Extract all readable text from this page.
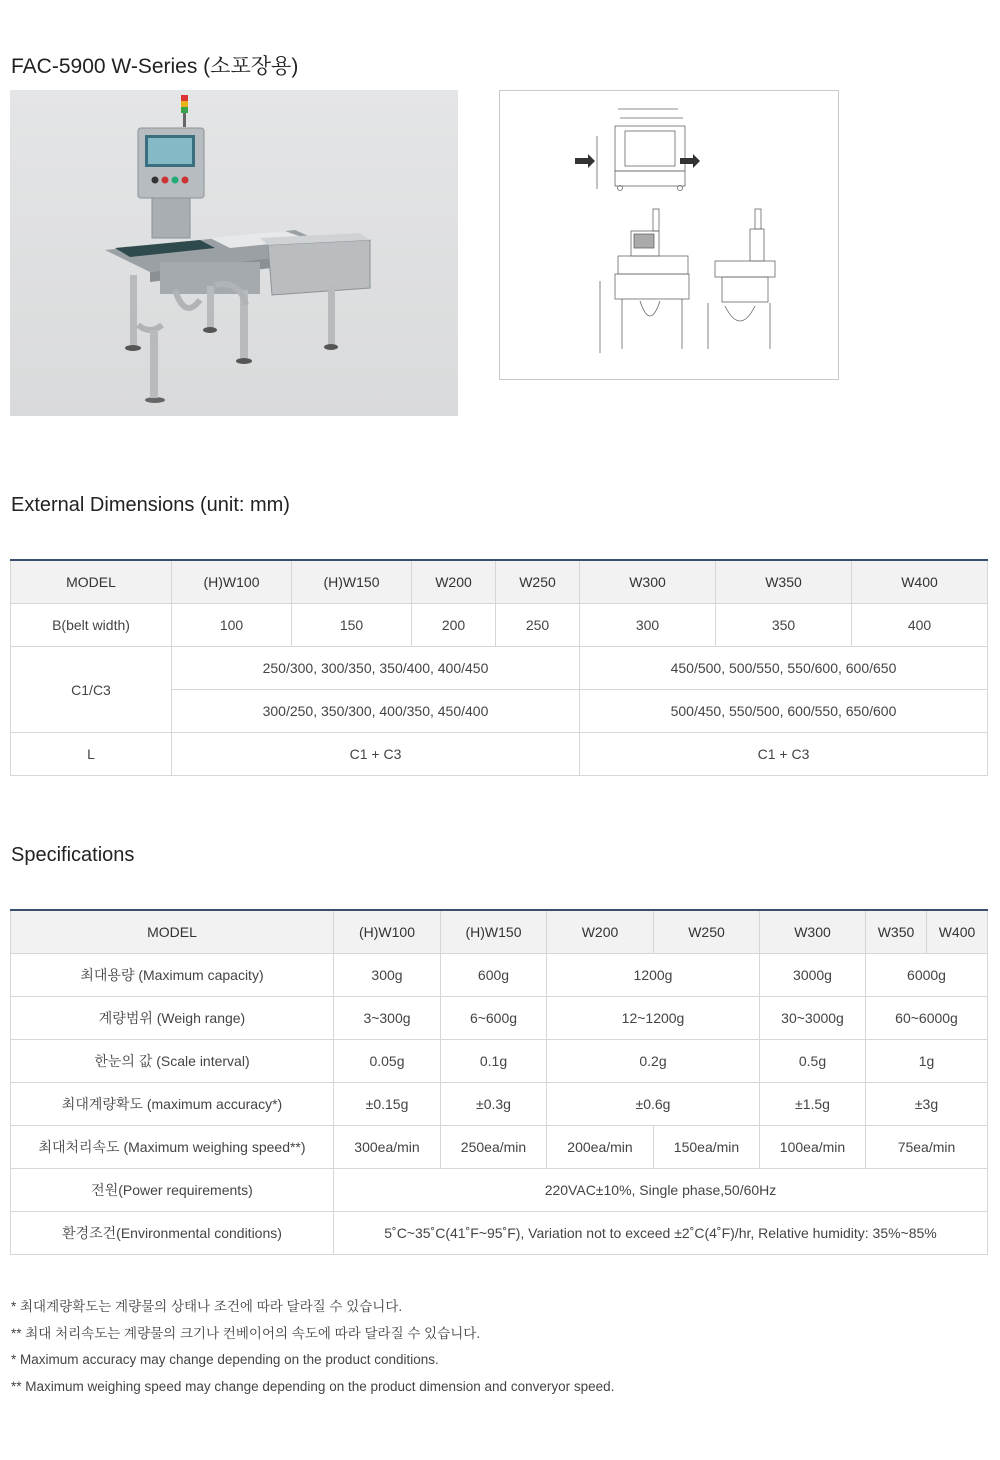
FAC-5900 W-Series (소포장용)
External Dimensions (unit: mm)
MODEL	(H)W100	(H)W150	W200	W250	W300	W350	W400
B(belt width)	100	150	200	250	300	350	400
C1/C3	250/300, 300/350, 350/400, 400/450				450/500, 500/550, 550/600, 600/650		
	300/250, 350/300, 400/350, 450/400				500/450, 550/500, 600/550, 650/600		
L	C1 + C3				C1 + C3		
Specifications
MODEL	(H)W100	(H)W150	W200	W250	W300	W350	W400
최대용량 (Maximum capacity)	300g	600g	1200g		3000g	6000g	
계량범위 (Weigh range)	3~300g	6~600g	12~1200g		30~3000g	60~6000g	
한눈의 값 (Scale interval)	0.05g	0.1g	0.2g		0.5g	1g	
최대계량확도 (maximum accuracy*)	±0.15g	±0.3g	±0.6g		±1.5g	±3g	
최대처리속도 (Maximum weighing speed**)	300ea/min	250ea/min	200ea/min	150ea/min	100ea/min	75ea/min	
전원(Power requirements)	220VAC±10%, Single phase,50/60Hz						
환경조건(Environmental conditions)	5˚C~35˚C(41˚F~95˚F), Variation not to exceed ±2˚C(4˚F)/hr, Relative humidity: 35%~85%						

* 최대계량확도는 계량물의 상태나 조건에 따라 달라질 수 있습니다.

** 최대 처리속도는 계량물의 크기나 컨베이어의 속도에 따라 달라질 수 있습니다.

* Maximum accuracy may change depending on the product conditions.

** Maximum weighing speed may change depending on the product dimension and converyor speed.
